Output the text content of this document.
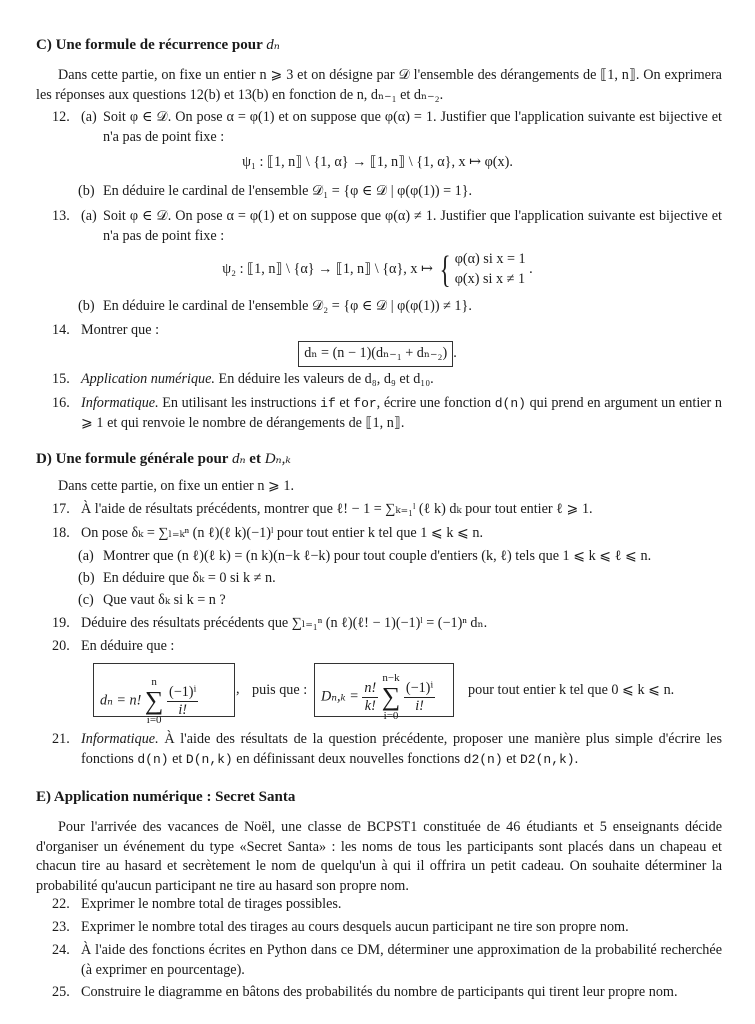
C) Une formule de récurrence pour dₙ
Dans cette partie, on fixe un entier n ⩾ 3 et on désigne par 𝒟 l'ensemble des dérangements de ⟦1, n⟧. On exprimera les réponses aux questions 12(b) et 13(b) en fonction de n, dₙ₋₁ et dₙ₋₂.
12. (a) Soit φ ∈ 𝒟. On pose α = φ(1) et on suppose que φ(α) = 1. Justifier que l'application suivante est bijective et n'a pas de point fixe :
ψ₁ : ⟦1, n⟧ \ {1, α} → ⟦1, n⟧ \ {1, α}, x ↦ φ(x).
(b) En déduire le cardinal de l'ensemble 𝒟₁ = {φ ∈ 𝒟 | φ(φ(1)) = 1}.
13. (a) Soit φ ∈ 𝒟. On pose α = φ(1) et on suppose que φ(α) ≠ 1. Justifier que l'application suivante est bijective et n'a pas de point fixe :
ψ₂ : ⟦1, n⟧ \ {α} → ⟦1, n⟧ \ {α}, x ↦ { φ(α) si x = 1
φ(x) si x ≠ 1
.
(b) En déduire le cardinal de l'ensemble 𝒟₂ = {φ ∈ 𝒟 | φ(φ(1)) ≠ 1}.
14. Montrer que :
dₙ = (n − 1)(dₙ₋₁ + dₙ₋₂) .
15. Application numérique. En déduire les valeurs de d₈, d₉ et d₁₀.
16. Informatique. En utilisant les instructions if et for, écrire une fonction d(n) qui prend en argument un entier n ⩾ 1 et qui renvoie le nombre de dérangements de ⟦1, n⟧.
D) Une formule générale pour dₙ et Dₙ,ₖ
Dans cette partie, on fixe un entier n ⩾ 1.
17. À l'aide de résultats précédents, montrer que ℓ! − 1 = ∑ₖ₌₁ˡ (ℓ k) dₖ pour tout entier ℓ ⩾ 1.
18. On pose δₖ = ∑ₗ₌ₖⁿ (n ℓ)(ℓ k)(−1)ˡ pour tout entier k tel que 1 ⩽ k ⩽ n.
(a) Montrer que (n ℓ)(ℓ k) = (n k)(n−k ℓ−k) pour tout couple d'entiers (k, ℓ) tels que 1 ⩽ k ⩽ ℓ ⩽ n.
(b) En déduire que δₖ = 0 si k ≠ n.
(c) Que vaut δₖ si k = n ?
19. Déduire des résultats précédents que ∑ₗ₌₁ⁿ (n ℓ)(ℓ! − 1)(−1)ˡ = (−1)ⁿ dₙ.
20. En déduire que :
dₙ = n! n
∑
i=0
$\frac{\text{(−1)ⁱ}}{i!}$	, puis que : $D_n,_k = \frac{n!}{k!}$
n−k
∑
i=0
$\frac{\text{(−1)ⁱ}}{i!}$ pour tout entier k tel que 0 ⩽ k ⩽ n.
21. Informatique. À l'aide des résultats de la question précédente, proposer une manière plus simple d'écrire les fonctions d(n) et D(n,k) en définissant deux nouvelles fonctions d2(n) et D2(n,k).
E) Application numérique : Secret Santa
Pour l'arrivée des vacances de Noël, une classe de BCPST1 constituée de 46 étudiants et 5 enseignants décide d'organiser un événement du type «Secret Santa» : les noms de tous les participants sont placés dans un chapeau et chacun tire au hasard et secrètement le nom de quelqu'un à qui il offrira un petit cadeau. On souhaite déterminer la probabilité qu'aucun participant ne tire au hasard son propre nom.
22. Exprimer le nombre total de tirages possibles.
23. Exprimer le nombre total des tirages au cours desquels aucun participant ne tire son propre nom.
24. À l'aide des fonctions écrites en Python dans ce DM, déterminer une approximation de la probabilité recherchée (à exprimer en pourcentage).
25. Construire le diagramme en bâtons des probabilités du nombre de participants qui tirent leur propre nom.
